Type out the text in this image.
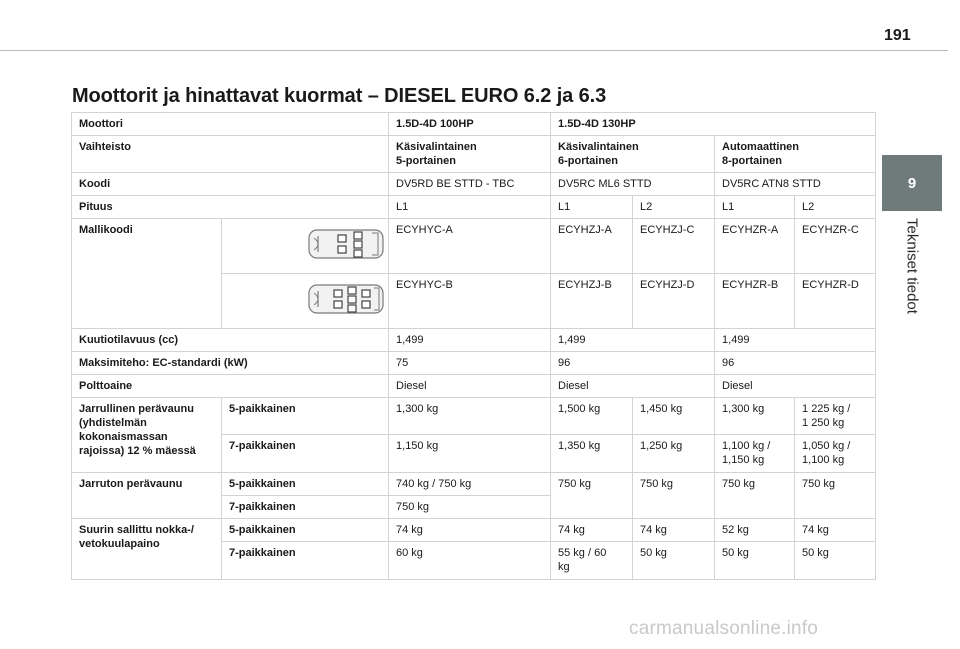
191
Moottorit ja hinattavat kuormat – DIESEL EURO 6.2 ja 6.3
9
Tekniset tiedot
Moottori		1.5D-4D 100HP	1.5D-4D 130HP			
Vaihteisto		Käsivalintainen
5-portainen	Käsivalintainen
6-portainen		Automaattinen
8-portainen	
Koodi		DV5RD BE STTD - TBC	DV5RC ML6 STTD		DV5RC ATN8 STTD	
Pituus		L1	L1	L2	L1	L2
Mallikoodi		ECYHYC-A	ECYHZJ-A	ECYHZJ-C	ECYHZR-A	ECYHZR-C

	ECYHYC-B	ECYHZJ-B	ECYHZJ-D	ECYHZR-B	ECYHZR-D
Kuutiotilavuus (cc)		1,499	1,499		1,499	
Maksimiteho: EC-standardi (kW)		75	96		96	
Polttoaine		Diesel	Diesel		Diesel	
Jarrullinen perävaunu (yhdistelmän kokonaismassan rajoissa) 12 % mäessä	5-paikkainen	1,300 kg	1,500 kg	1,450 kg	1,300 kg	1 225 kg /
1 250 kg
	7-paikkainen	1,150 kg	1,350 kg	1,250 kg	1,100 kg /
1,150 kg	1,050 kg /
1,100 kg
Jarruton perävaunu	5-paikkainen	740 kg / 750 kg	750 kg	750 kg	750 kg	750 kg
	7-paikkainen	750 kg				
Suurin sallittu nokka-/ vetokuulapaino	5-paikkainen	74 kg	74 kg	74 kg	52 kg	74 kg
	7-paikkainen	60 kg	55 kg / 60
kg	50 kg	50 kg	50 kg
carmanualsonline.info
